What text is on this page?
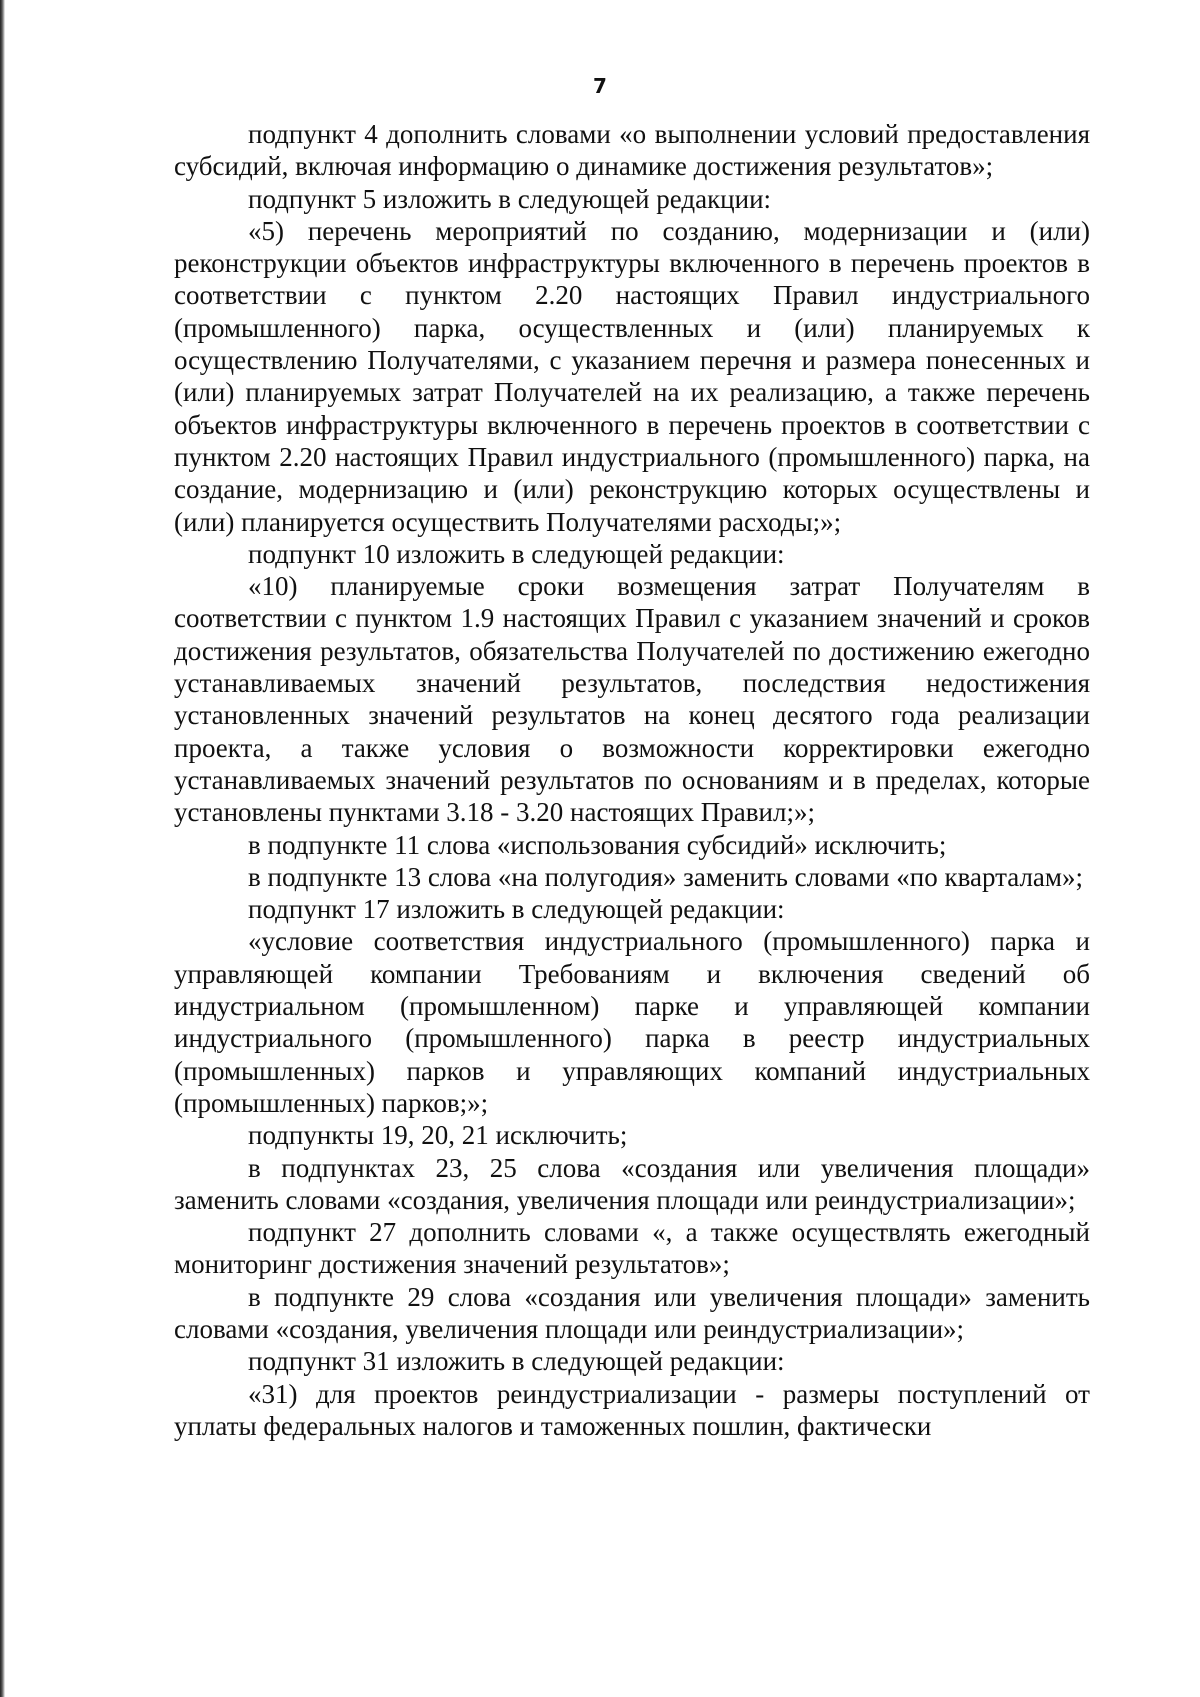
7

подпункт 4 дополнить словами «о выполнении условий предоставления субсидий, включая информацию о динамике достижения результатов»;

подпункт 5 изложить в следующей редакции:

«5) перечень мероприятий по созданию, модернизации и (или) реконструкции объектов инфраструктуры включенного в перечень проектов в соответствии с пунктом 2.20 настоящих Правил индустриального (промышленного) парка, осуществленных и (или) планируемых к осуществлению Получателями, с указанием перечня и размера понесенных и (или) планируемых затрат Получателей на их реализацию, а также перечень объектов инфраструктуры включенного в перечень проектов в соответствии с пунктом 2.20 настоящих Правил индустриального (промышленного) парка, на создание, модернизацию и (или) реконструкцию которых осуществлены и (или) планируется осуществить Получателями расходы;»;

подпункт 10 изложить в следующей редакции:

«10) планируемые сроки возмещения затрат Получателям в соответствии с пунктом 1.9 настоящих Правил с указанием значений и сроков достижения результатов, обязательства Получателей по достижению ежегодно устанавливаемых значений результатов, последствия недостижения установленных значений результатов на конец десятого года реализации проекта, а также условия о возможности корректировки ежегодно устанавливаемых значений результатов по основаниям и в пределах, которые установлены пунктами 3.18 - 3.20 настоящих Правил;»;

в подпункте 11 слова «использования субсидий» исключить;

в подпункте 13 слова «на полугодия» заменить словами «по кварталам»;

подпункт 17 изложить в следующей редакции:

«условие соответствия индустриального (промышленного) парка и управляющей компании Требованиям и включения сведений об индустриальном (промышленном) парке и управляющей компании индустриального (промышленного) парка в реестр индустриальных (промышленных) парков и управляющих компаний индустриальных (промышленных) парков;»;

подпункты 19, 20, 21 исключить;

в подпунктах 23, 25 слова «создания или увеличения площади» заменить словами «создания, увеличения площади или реиндустриализации»;

подпункт 27 дополнить словами «, а также осуществлять ежегодный мониторинг достижения значений результатов»;

в подпункте 29 слова «создания или увеличения площади» заменить словами «создания, увеличения площади или реиндустриализации»;

подпункт 31 изложить в следующей редакции:

«31) для проектов реиндустриализации - размеры поступлений от уплаты федеральных налогов и таможенных пошлин, фактически
